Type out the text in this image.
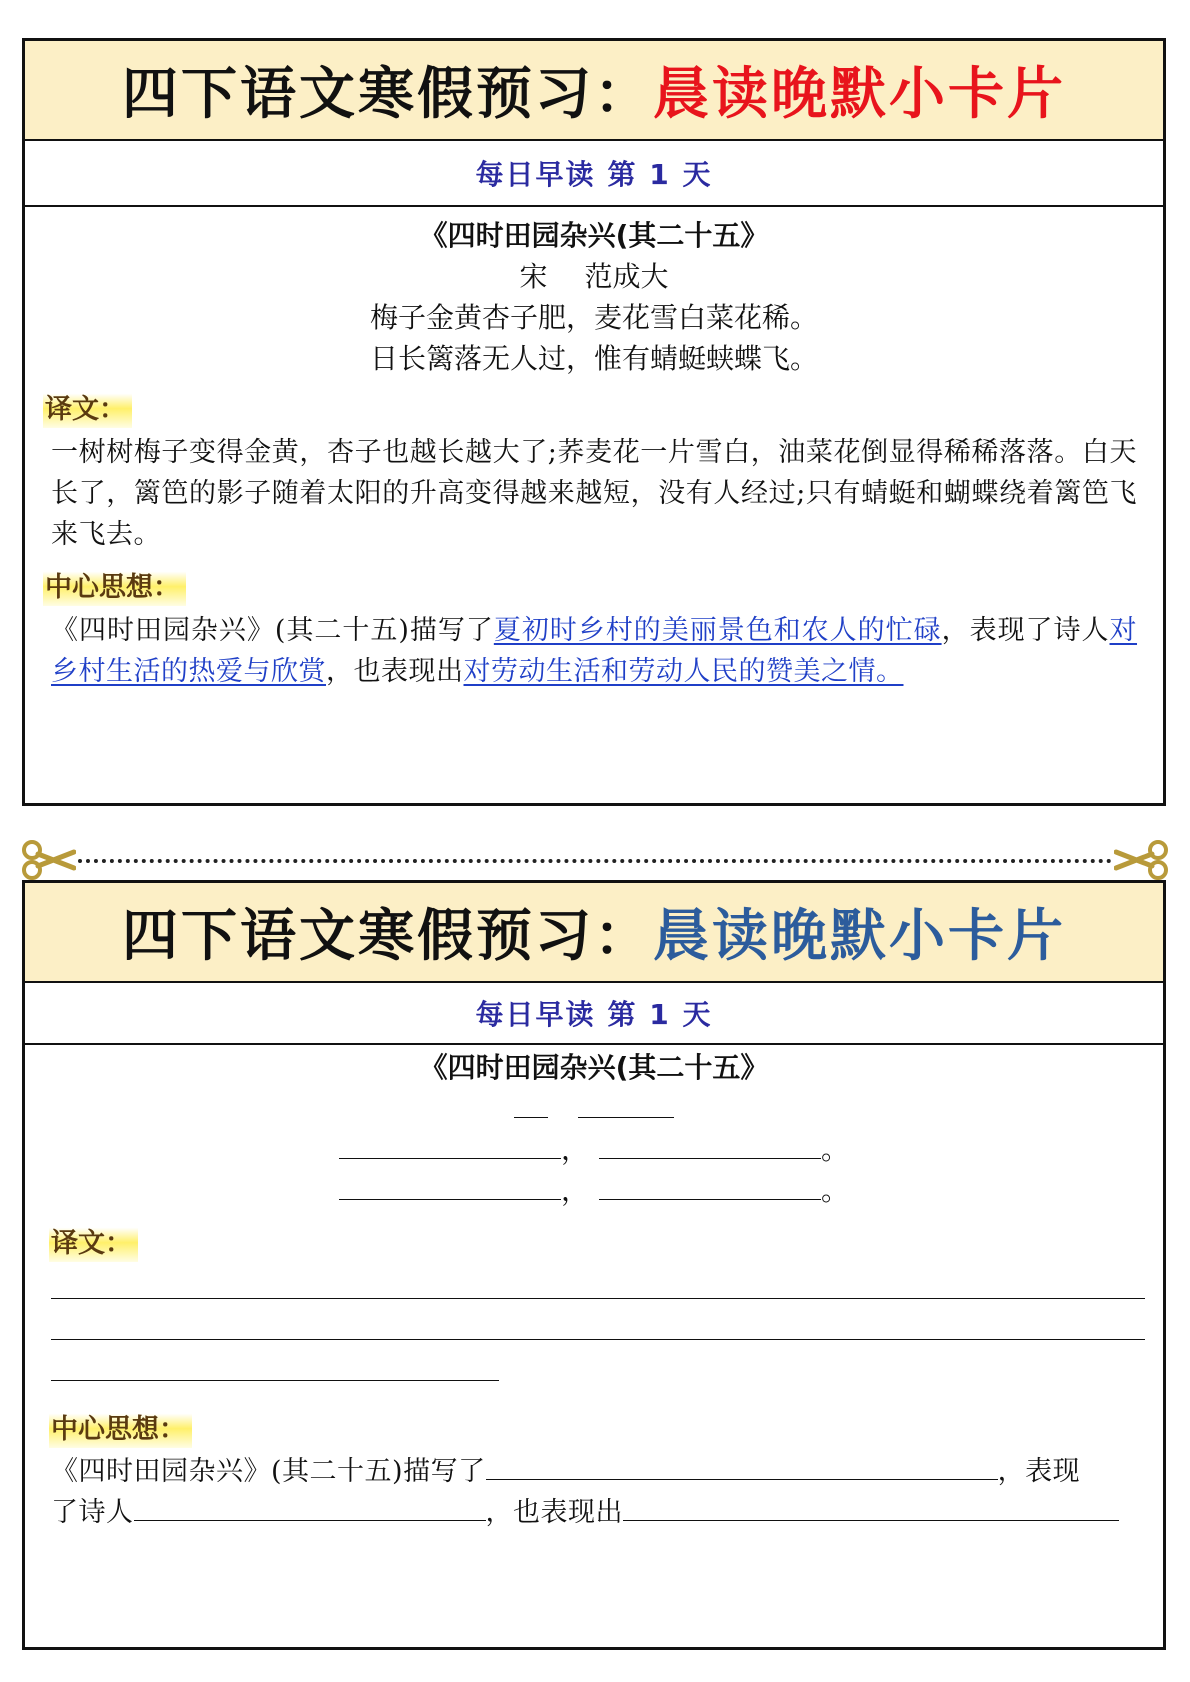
四下语文寒假预习： 晨读晚默小卡片
每日早读 第 1 天
《四时田园杂兴(其二十五》
宋　 范成大
梅子金黄杏子肥，麦花雪白菜花稀。
日长篱落无人过，惟有蜻蜓蛱蝶飞。
译文：
一树树梅子变得金黄，杏子也越长越大了;荞麦花一片雪白，油菜花倒显得稀稀落落。白天长了，篱笆的影子随着太阳的升高变得越来越短，没有人经过;只有蜻蜓和蝴蝶绕着篱笆飞来飞去。
中心思想：
《四时田园杂兴》(其二十五)描写了夏初时乡村的美丽景色和农人的忙碌，表现了诗人对乡村生活的热爱与欣赏，也表现出对劳动生活和劳动人民的赞美之情。
四下语文寒假预习： 晨读晚默小卡片
每日早读 第 1 天
《四时田园杂兴(其二十五》
，	。
，	。
译文：
中心思想：
《四时田园杂兴》(其二十五)描写了	，表现
了诗人	，也表现出
